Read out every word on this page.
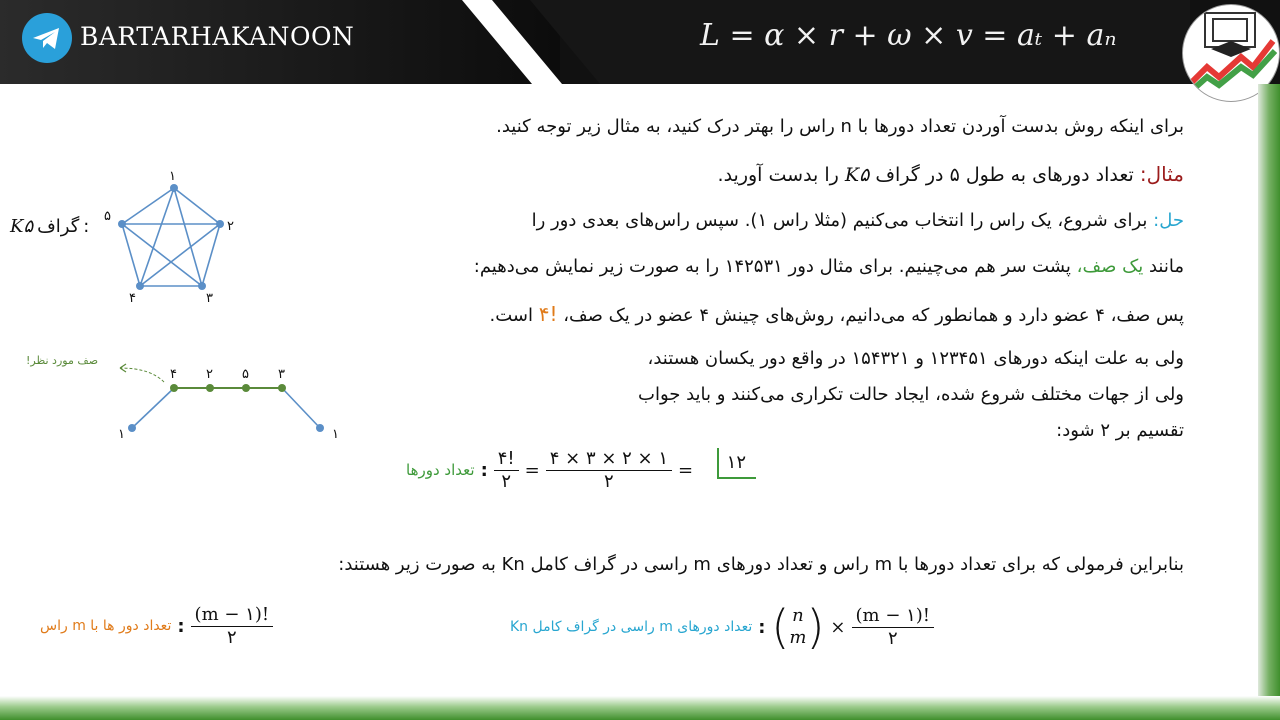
BARTARHAKANOON	L = α × r + ω × v = aₜ + aₙ
برای اینکه روش بدست آوردن تعداد دورها با n راس را بهتر درک کنید، به مثال زیر توجه کنید.
مثال: تعداد دورهای به طول ۵ در گراف K۵ را بدست آورید.
حل: برای شروع، یک راس را انتخاب می‌کنیم (مثلا راس ۱). سپس راس‌های بعدی دور را
مانند یک صف، پشت سر هم می‌چینیم. برای مثال دور ۱۴۲۵۳۱ را به صورت زیر نمایش می‌دهیم:
پس صف، ۴ عضو دارد و همانطور که می‌دانیم، روش‌های چینش ۴ عضو در یک صف، !۴ است.
ولی به علت اینکه دورهای ۱۲۳۴۵۱ و ۱۵۴۳۲۱ در واقع دور یکسان هستند،
ولی از جهات مختلف شروع شده، ایجاد حالت تکراری می‌کنند و باید جواب
تقسیم بر ۲ شود:
۱۲
تعداد دورها : $\frac{۴!}{۲} = \frac{۴ \times ۳ \times ۲ \times ۱}{۲}$ =
بنابراین فرمولی که برای تعداد دورها با m راس و تعداد دورهای m راسی در گراف کامل Kn به صورت زیر هستند:
تعداد دور ها با m راس : $\frac{(m - ۱)!}{۲}$	تعداد دورهای m راسی در گراف کامل Kn : ( n
m ) × $\frac{(m - ۱)!}{۲}$
۱
۲
۳
۴
۵
K۵ گراف :
۴ ۲ ۵ ۳
۱	۱
صف مورد نظر!
